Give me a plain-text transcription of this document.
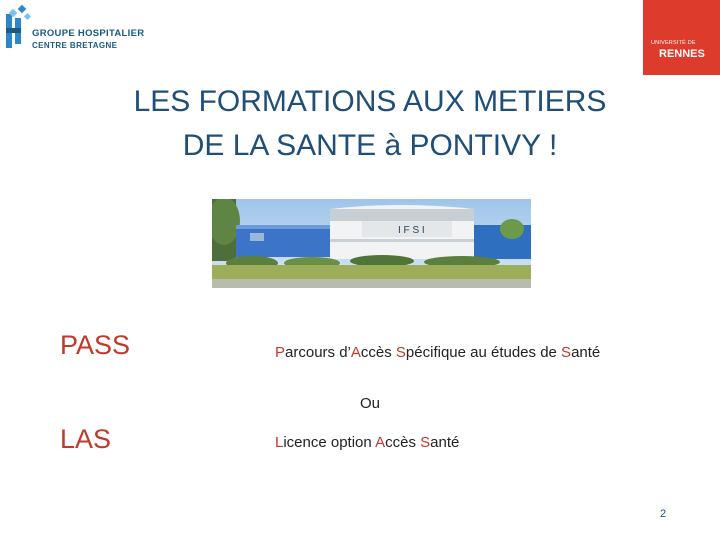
GROUPE HOSPITALIER
CENTRE BRETAGNE	UNIVERSITÉ DE
RENNES
LES FORMATIONS AUX METIERS
DE LA SANTE à PONTIVY !
I F S I
PASS
LAS
Parcours d’Accès Spécifique au études de Santé
Ou
Licence option Accès Santé
2
